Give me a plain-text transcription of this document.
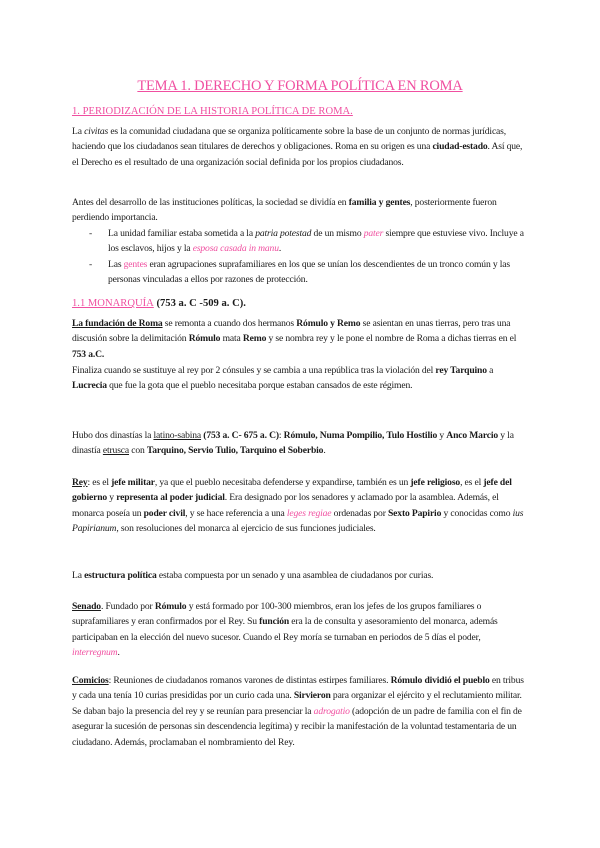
TEMA 1. DERECHO Y FORMA POLÍTICA EN ROMA
1. PERIODIZACIÓN DE LA HISTORIA POLÍTICA DE ROMA.
La civitas es la comunidad ciudadana que se organiza políticamente sobre la base de un conjunto de normas jurídicas, haciendo que los ciudadanos sean titulares de derechos y obligaciones. Roma en su origen es una ciudad-estado. Así que, el Derecho es el resultado de una organización social definida por los propios ciudadanos.
Antes del desarrollo de las instituciones políticas, la sociedad se dividía en familia y gentes, posteriormente fueron perdiendo importancia.
- La unidad familiar estaba sometida a la patria potestad de un mismo pater siempre que estuviese vivo. Incluye a los esclavos, hijos y la esposa casada in manu.
- Las gentes eran agrupaciones suprafamiliares en los que se unían los descendientes de un tronco común y las personas vinculadas a ellos por razones de protección.
1.1 MONARQUÍA (753 a. C -509 a. C).
La fundación de Roma se remonta a cuando dos hermanos Rómulo y Remo se asientan en unas tierras, pero tras una discusión sobre la delimitación Rómulo mata Remo y se nombra rey y le pone el nombre de Roma a dichas tierras en el 753 a.C.
Finaliza cuando se sustituye al rey por 2 cónsules y se cambia a una república tras la violación del rey Tarquino a Lucrecia que fue la gota que el pueblo necesitaba porque estaban cansados de este régimen.
Hubo dos dinastías la latino-sabina (753 a. C- 675 a. C): Rómulo, Numa Pompilio, Tulo Hostilio y Anco Marcio y la dinastía etrusca con Tarquino, Servio Tulio, Tarquino el Soberbio.
Rey: es el jefe militar, ya que el pueblo necesitaba defenderse y expandirse, también es un jefe religioso, es el jefe del gobierno y representa al poder judicial. Era designado por los senadores y aclamado por la asamblea. Además, el monarca poseía un poder civil, y se hace referencia a una leges regiae ordenadas por Sexto Papirio y conocidas como ius Papirianum, son resoluciones del monarca al ejercicio de sus funciones judiciales.
La estructura política estaba compuesta por un senado y una asamblea de ciudadanos por curias.
Senado. Fundado por Rómulo y está formado por 100-300 miembros, eran los jefes de los grupos familiares o suprafamiliares y eran confirmados por el Rey. Su función era la de consulta y asesoramiento del monarca, además participaban en la elección del nuevo sucesor. Cuando el Rey moría se turnaban en periodos de 5 días el poder, interregnum.
Comicios: Reuniones de ciudadanos romanos varones de distintas estirpes familiares. Rómulo dividió el pueblo en tribus y cada una tenía 10 curias presididas por un curio cada una. Sirvieron para organizar el ejército y el reclutamiento militar. Se daban bajo la presencia del rey y se reunían para presenciar la adrogatio (adopción de un padre de familia con el fin de asegurar la sucesión de personas sin descendencia legítima) y recibir la manifestación de la voluntad testamentaria de un ciudadano. Además, proclamaban el nombramiento del Rey.
